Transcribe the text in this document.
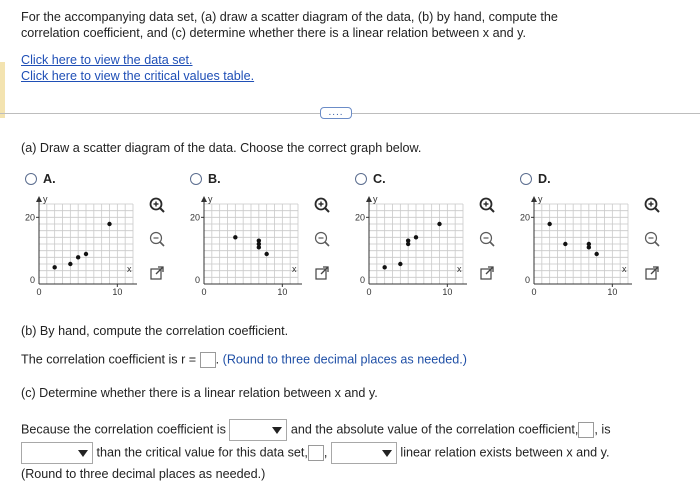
For the accompanying data set, (a) draw a scatter diagram of the data, (b) by hand, compute the
correlation coefficient, and (c) determine whether there is a linear relation between x and y.
Click here to view the data set.
Click here to view the critical values table.
....
(a) Draw a scatter diagram of the data. Choose the correct graph below.
A.
20
0
0	10
y
x
B.
20
0
0	10
y
x
C.
20
0
0	10
y
x
D.
20
0
0	10
y
x
(b) By hand, compute the correlation coefficient.
The correlation coefficient is r = . (Round to three decimal places as needed.)
(c) Determine whether there is a linear relation between x and y.
Because the correlation coefficient is	and the absolute value of the correlation coefficient, , is
than the critical value for this data set, ,	linear relation exists between x and y.
(Round to three decimal places as needed.)
